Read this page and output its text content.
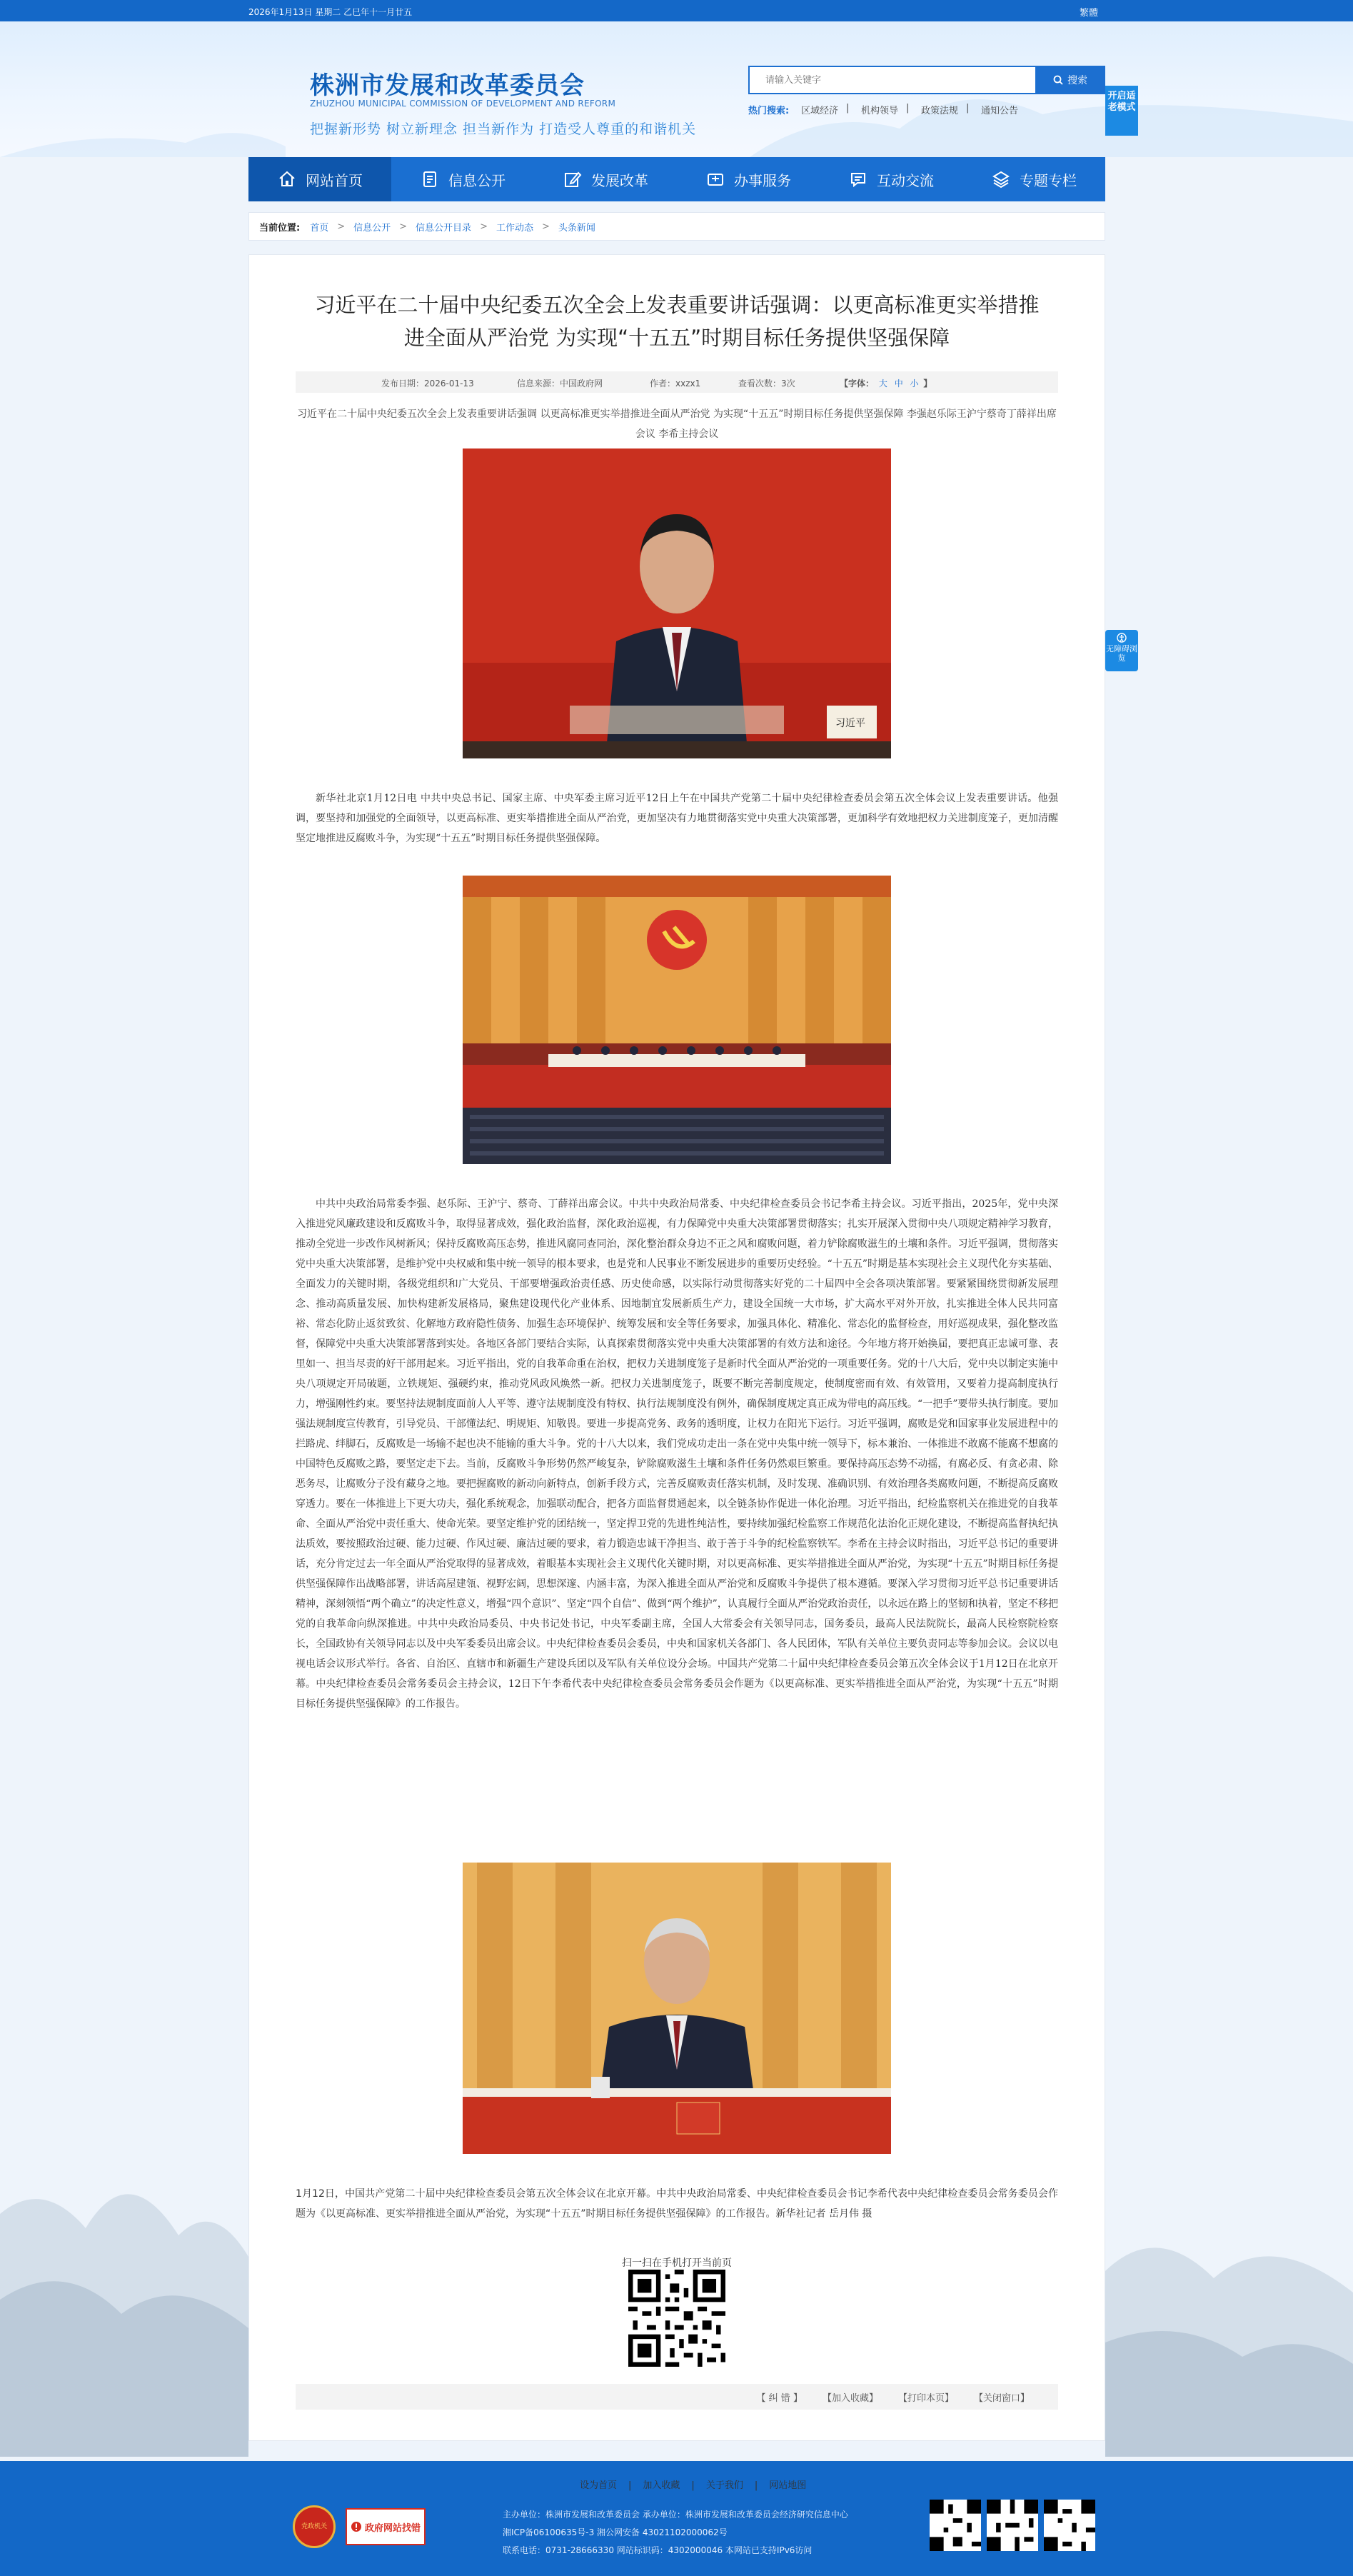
2026年1月13日 星期二 乙巳年十一月廿五	繁體
株洲市发展和改革委员会
ZHUZHOU MUNICIPAL COMMISSION OF DEVELOPMENT AND REFORM
把握新形势 树立新理念 担当新作为 打造受人尊重的和谐机关
请输入关键字
搜索
热门搜索: 区域经济 | 机构领导 | 政策法规 | 通知公告
开启适老模式
无障碍浏览
网站首页	信息公开	发展改革	办事服务	互动交流	专题专栏
当前位置: 首页 > 信息公开 > 信息公开目录 > 工作动态 > 头条新闻
习近平在二十届中央纪委五次全会上发表重要讲话强调：以更高标准更实举措推
进全面从严治党 为实现“十五五”时期目标任务提供坚强保障
发布日期：2026-01-13	信息来源：中国政府网	作者：xxzx1	查看次数：3次	【字体： 大 中 小 】
习近平在二十届中央纪委五次全会上发表重要讲话强调 以更高标准更实举措推进全面从严治党 为实现“十五五”时期目标任务提供坚强保障 李强赵乐际王沪宁蔡奇丁薛祥出席会议 李希主持会议
习近平
新华社北京1月12日电 中共中央总书记、国家主席、中央军委主席习近平12日上午在中国共产党第二十届中央纪律检查委员会第五次全体会议上发表重要讲话。他强调，要坚持和加强党的全面领导，以更高标准、更实举措推进全面从严治党，更加坚决有力地贯彻落实党中央重大决策部署，更加科学有效地把权力关进制度笼子，更加清醒坚定地推进反腐败斗争，为实现“十五五”时期目标任务提供坚强保障。
中共中央政治局常委李强、赵乐际、王沪宁、蔡奇、丁薛祥出席会议。中共中央政治局常委、中央纪律检查委员会书记李希主持会议。习近平指出，2025年，党中央深入推进党风廉政建设和反腐败斗争，取得显著成效，强化政治监督，深化政治巡视，有力保障党中央重大决策部署贯彻落实；扎实开展深入贯彻中央八项规定精神学习教育，推动全党进一步改作风树新风；保持反腐败高压态势，推进风腐同查同治，深化整治群众身边不正之风和腐败问题，着力铲除腐败滋生的土壤和条件。习近平强调，贯彻落实党中央重大决策部署，是维护党中央权威和集中统一领导的根本要求，也是党和人民事业不断发展进步的重要历史经验。“十五五”时期是基本实现社会主义现代化夯实基础、全面发力的关键时期，各级党组织和广大党员、干部要增强政治责任感、历史使命感，以实际行动贯彻落实好党的二十届四中全会各项决策部署。要紧紧围绕贯彻新发展理念、推动高质量发展、加快构建新发展格局，聚焦建设现代化产业体系、因地制宜发展新质生产力，建设全国统一大市场，扩大高水平对外开放，扎实推进全体人民共同富裕、常态化防止返贫致贫、化解地方政府隐性债务、加强生态环境保护、统筹发展和安全等任务要求，加强具体化、精准化、常态化的监督检查，用好巡视成果，强化整改监督，保障党中央重大决策部署落到实处。各地区各部门要结合实际，认真探索贯彻落实党中央重大决策部署的有效方法和途径。今年地方将开始换届，要把真正忠诚可靠、表里如一、担当尽责的好干部用起来。习近平指出，党的自我革命重在治权，把权力关进制度笼子是新时代全面从严治党的一项重要任务。党的十八大后，党中央以制定实施中央八项规定开局破题，立铁规矩、强硬约束，推动党风政风焕然一新。把权力关进制度笼子，既要不断完善制度规定，使制度密而有效、有效管用，又要着力提高制度执行力，增强刚性约束。要坚持法规制度面前人人平等、遵守法规制度没有特权、执行法规制度没有例外，确保制度规定真正成为带电的高压线。“一把手”要带头执行制度。要加强法规制度宣传教育，引导党员、干部懂法纪、明规矩、知敬畏。要进一步提高党务、政务的透明度，让权力在阳光下运行。习近平强调，腐败是党和国家事业发展进程中的拦路虎、绊脚石，反腐败是一场输不起也决不能输的重大斗争。党的十八大以来，我们党成功走出一条在党中央集中统一领导下，标本兼治、一体推进不敢腐不能腐不想腐的中国特色反腐败之路，要坚定走下去。当前，反腐败斗争形势仍然严峻复杂，铲除腐败滋生土壤和条件任务仍然艰巨繁重。要保持高压态势不动摇，有腐必反、有贪必肃、除恶务尽，让腐败分子没有藏身之地。要把握腐败的新动向新特点，创新手段方式，完善反腐败责任落实机制，及时发现、准确识别、有效治理各类腐败问题，不断提高反腐败穿透力。要在一体推进上下更大功夫，强化系统观念，加强联动配合，把各方面监督贯通起来，以全链条协作促进一体化治理。习近平指出，纪检监察机关在推进党的自我革命、全面从严治党中责任重大、使命光荣。要坚定维护党的团结统一，坚定捍卫党的先进性纯洁性，要持续加强纪检监察工作规范化法治化正规化建设，不断提高监督执纪执法质效，要按照政治过硬、能力过硬、作风过硬、廉洁过硬的要求，着力锻造忠诚干净担当、敢于善于斗争的纪检监察铁军。李希在主持会议时指出，习近平总书记的重要讲话，充分肯定过去一年全面从严治党取得的显著成效，着眼基本实现社会主义现代化关键时期，对以更高标准、更实举措推进全面从严治党，为实现“十五五”时期目标任务提供坚强保障作出战略部署，讲话高屋建瓴、视野宏阔，思想深邃、内涵丰富，为深入推进全面从严治党和反腐败斗争提供了根本遵循。要深入学习贯彻习近平总书记重要讲话精神，深刻领悟“两个确立”的决定性意义，增强“四个意识”、坚定“四个自信”、做到“两个维护”，认真履行全面从严治党政治责任，以永远在路上的坚韧和执着，坚定不移把党的自我革命向纵深推进。中共中央政治局委员、中央书记处书记，中央军委副主席，全国人大常委会有关领导同志，国务委员，最高人民法院院长，最高人民检察院检察长，全国政协有关领导同志以及中央军委委员出席会议。中央纪律检查委员会委员，中央和国家机关各部门、各人民团体，军队有关单位主要负责同志等参加会议。会议以电视电话会议形式举行。各省、自治区、直辖市和新疆生产建设兵团以及军队有关单位设分会场。中国共产党第二十届中央纪律检查委员会第五次全体会议于1月12日在北京开幕。中央纪律检查委员会常务委员会主持会议，12日下午李希代表中央纪律检查委员会常务委员会作题为《以更高标准、更实举措推进全面从严治党，为实现“十五五”时期目标任务提供坚强保障》的工作报告。
1月12日，中国共产党第二十届中央纪律检查委员会第五次全体会议在北京开幕。中共中央政治局常委、中央纪律检查委员会书记李希代表中央纪律检查委员会常务委员会作题为《以更高标准、更实举措推进全面从严治党，为实现“十五五”时期目标任务提供坚强保障》的工作报告。新华社记者 岳月伟 摄
扫一扫在手机打开当前页
【 纠 错 】 【加入收藏】 【打印本页】 【关闭窗口】
设为首页 | 加入收藏 | 关于我们 | 网站地图
主办单位：株洲市发展和改革委员会 承办单位：株洲市发展和改革委员会经济研究信息中心
湘ICP备06100635号-3 湘公网安备 43021102000062号
联系电话：0731-28666330 网站标识码：4302000046 本网站已支持IPv6访问
党政机关	政府网站找错
